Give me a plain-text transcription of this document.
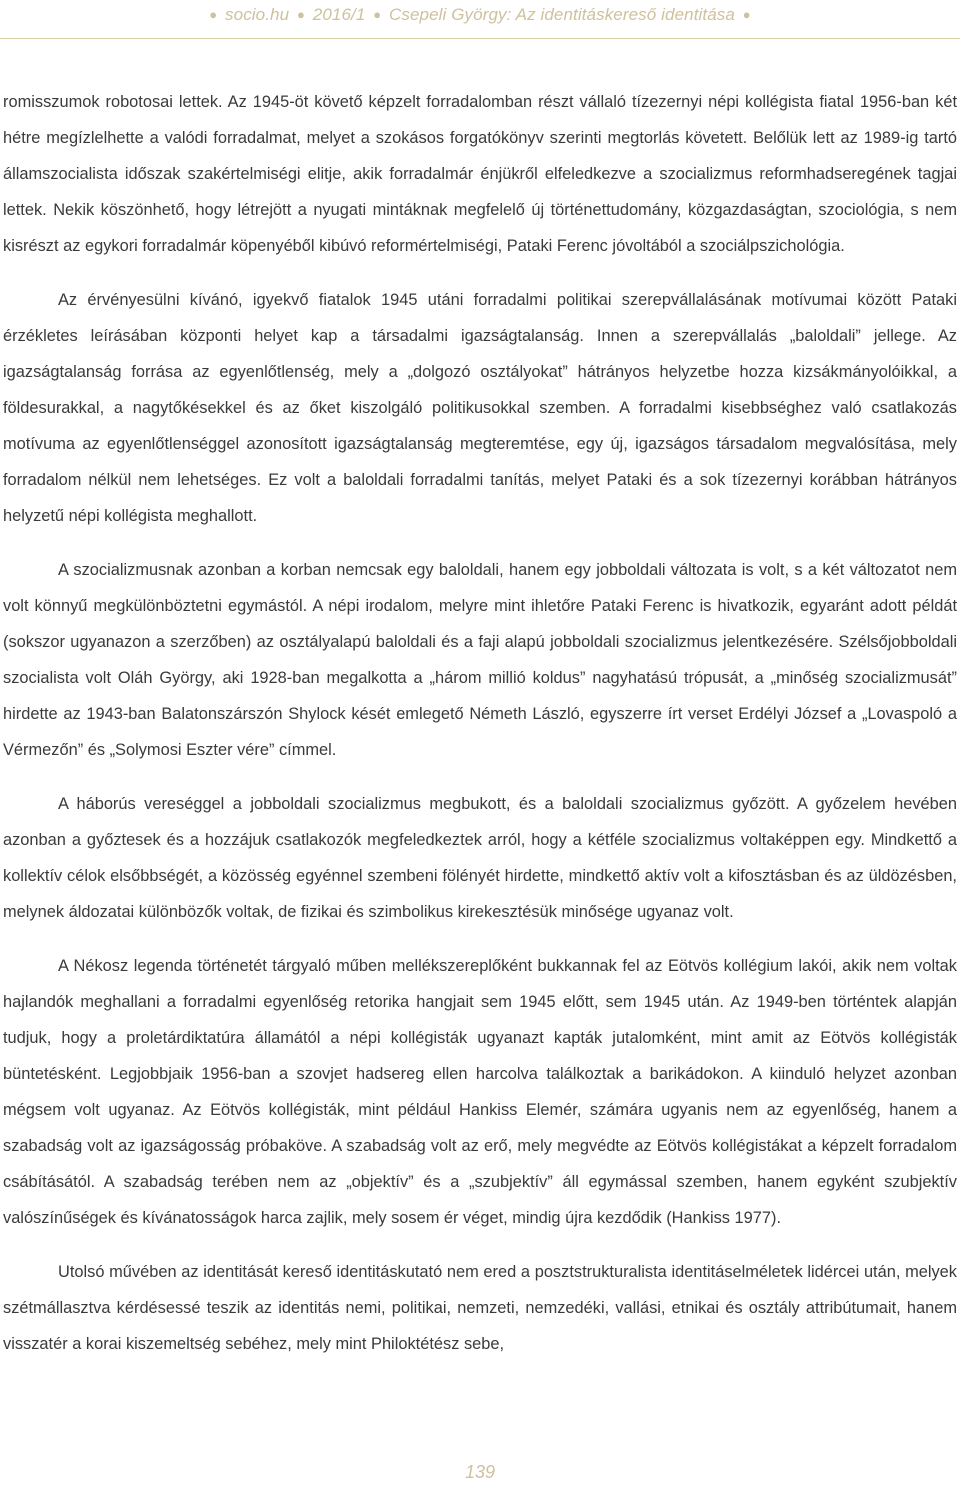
● socio.hu ● 2016/1 ● Csepeli György: Az identitáskereső identitása ●

romisszumok robotosai lettek. Az 1945-öt követő képzelt forradalomban részt vállaló tízezernyi népi kollégista fiatal 1956-ban két hétre megízlelhette a valódi forradalmat, melyet a szokásos forgatókönyv szerinti megtorlás követett. Belőlük lett az 1989-ig tartó államszocialista időszak szakértelmiségi elitje, akik forradalmár énjükről elfeledkezve a szocializmus reformhadseregének tagjai lettek. Nekik köszönhető, hogy létrejött a nyugati mintáknak megfelelő új történettudomány, közgazdaságtan, szociológia, s nem kisrészt az egykori forradalmár köpenyéből kibúvó reformértelmiségi, Pataki Ferenc jóvoltából a szociálpszichológia.

Az érvényesülni kívánó, igyekvő fiatalok 1945 utáni forradalmi politikai szerepvállalásának motívumai között Pataki érzékletes leírásában központi helyet kap a társadalmi igazságtalanság. Innen a szerepvállalás „baloldali” jellege. Az igazságtalanság forrása az egyenlőtlenség, mely a „dolgozó osztályokat” hátrányos helyzetbe hozza kizsákmányolóikkal, a földesurakkal, a nagytőkésekkel és az őket kiszolgáló politikusokkal szemben. A forradalmi kisebbséghez való csatlakozás motívuma az egyenlőtlenséggel azonosított igazságtalanság megteremtése, egy új, igazságos társadalom megvalósítása, mely forradalom nélkül nem lehetséges. Ez volt a baloldali forradalmi tanítás, melyet Pataki és a sok tízezernyi korábban hátrányos helyzetű népi kollégista meghallott.

A szocializmusnak azonban a korban nemcsak egy baloldali, hanem egy jobboldali változata is volt, s a két változatot nem volt könnyű megkülönböztetni egymástól. A népi irodalom, melyre mint ihletőre Pataki Ferenc is hivatkozik, egyaránt adott példát (sokszor ugyanazon a szerzőben) az osztályalapú baloldali és a faji alapú jobboldali szocializmus jelentkezésére. Szélsőjobboldali szocialista volt Oláh György, aki 1928-ban megalkotta a „három millió koldus” nagyhatású trópusát, a „minőség szocializmusát” hirdette az 1943-ban Balatonszárszón Shylock kését emlegető Németh László, egyszerre írt verset Erdélyi József a „Lovaspoló a Vérmezőn” és „Solymosi Eszter vére” címmel.

A háborús vereséggel a jobboldali szocializmus megbukott, és a baloldali szocializmus győzött. A győzelem hevében azonban a győztesek és a hozzájuk csatlakozók megfeledkeztek arról, hogy a kétféle szocializmus voltaképpen egy. Mindkettő a kollektív célok elsőbbségét, a közösség egyénnel szembeni fölényét hirdette, mindkettő aktív volt a kifosztásban és az üldözésben, melynek áldozatai különbözők voltak, de fizikai és szimbolikus kirekesztésük minősége ugyanaz volt.

A Nékosz legenda történetét tárgyaló műben mellékszereplőként bukkannak fel az Eötvös kollégium lakói, akik nem voltak hajlandók meghallani a forradalmi egyenlőség retorika hangjait sem 1945 előtt, sem 1945 után. Az 1949-ben történtek alapján tudjuk, hogy a proletárdiktatúra államától a népi kollégisták ugyanazt kapták jutalomként, mint amit az Eötvös kollégisták büntetésként. Legjobbjaik 1956-ban a szovjet hadsereg ellen harcolva találkoztak a barikádokon. A kiinduló helyzet azonban mégsem volt ugyanaz. Az Eötvös kollégisták, mint például Hankiss Elemér, számára ugyanis nem az egyenlőség, hanem a szabadság volt az igazságosság próbaköve. A szabadság volt az erő, mely megvédte az Eötvös kollégistákat a képzelt forradalom csábításától. A szabadság terében nem az „objektív” és a „szubjektív” áll egymással szemben, hanem egyként szubjektív valószínűségek és kívánatosságok harca zajlik, mely sosem ér véget, mindig újra kezdődik (Hankiss 1977).

Utolsó művében az identitását kereső identitáskutató nem ered a posztstrukturalista identitáselméletek lidércei után, melyek szétmállasztva kérdésessé teszik az identitás nemi, politikai, nemzeti, nemzedéki, vallási, etnikai és osztály attribútumait, hanem visszatér a korai kiszemeltség sebéhez, mely mint Philoktétész sebe,

139
